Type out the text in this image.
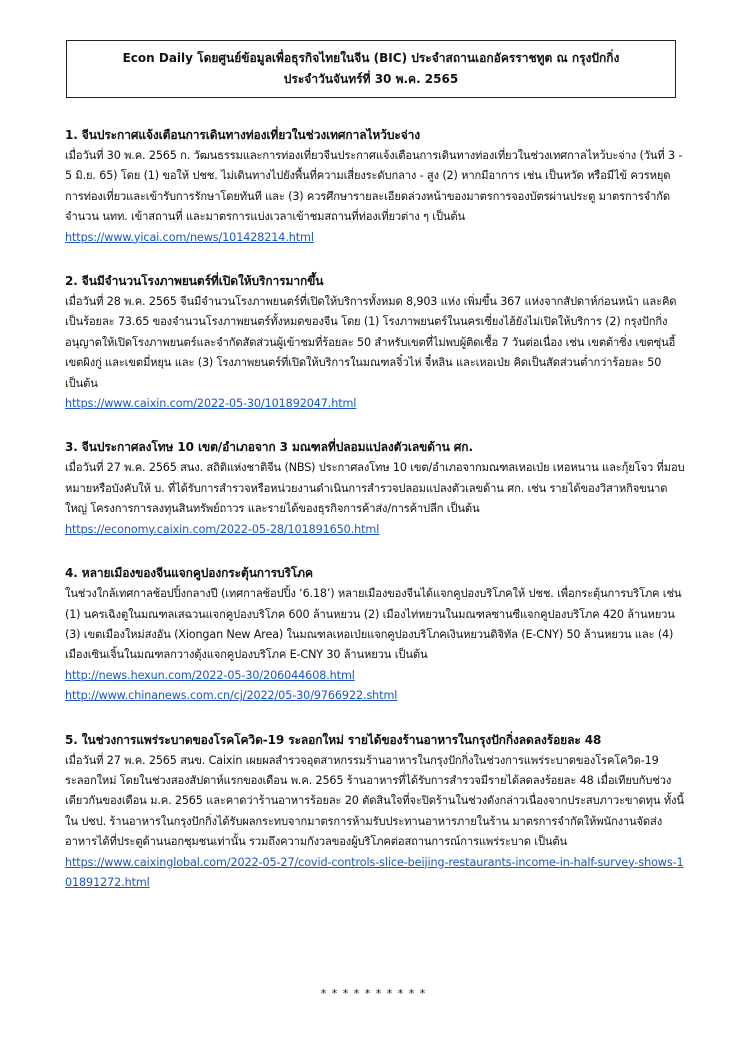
Econ Daily โดยศูนย์ข้อมูลเพื่อธุรกิจไทยในจีน (BIC) ประจำสถานเอกอัครราชทูต ณ กรุงปักกิ่ง
ประจำวันจันทร์ที่ 30 พ.ค. 2565
1. จีนประกาศแจ้งเตือนการเดินทางท่องเที่ยวในช่วงเทศกาลไหว้บะจ่าง
เมื่อวันที่ 30 พ.ค. 2565 ก. วัฒนธรรมและการท่องเที่ยวจีนประกาศแจ้งเตือนการเดินทางท่องเที่ยวในช่วงเทศกาลไหว้บะจ่าง (วันที่ 3 - 5 มิ.ย. 65) โดย (1) ขอให้ ปชช. ไม่เดินทางไปยังพื้นที่ความเสี่ยงระดับกลาง - สูง (2) หากมีอาการ เช่น เป็นหวัด หรือมีไข้ ควรหยุดการท่องเที่ยวและเข้ารับการรักษาโดยทันที และ (3) ควรศึกษารายละเอียดล่วงหน้าของมาตรการจองบัตรผ่านประตู มาตรการจำกัดจำนวน นทท. เข้าสถานที่ และมาตรการแบ่งเวลาเข้าชมสถานที่ท่องเที่ยวต่าง ๆ เป็นต้น
https://www.yicai.com/news/101428214.html
2. จีนมีจำนวนโรงภาพยนตร์ที่เปิดให้บริการมากขึ้น
เมื่อวันที่ 28 พ.ค. 2565 จีนมีจำนวนโรงภาพยนตร์ที่เปิดให้บริการทั้งหมด 8,903 แห่ง เพิ่มขึ้น 367 แห่งจากสัปดาห์ก่อนหน้า และคิดเป็นร้อยละ 73.65 ของจำนวนโรงภาพยนตร์ทั้งหมดของจีน โดย (1) โรงภาพยนตร์ในนครเซี่ยงไฮ้ยังไม่เปิดให้บริการ (2) กรุงปักกิ่งอนุญาตให้เปิดโรงภาพยนตร์และจำกัดสัดส่วนผู้เข้าชมที่ร้อยละ 50 สำหรับเขตที่ไม่พบผู้ติดเชื้อ 7 วันต่อเนื่อง เช่น เขตต้าซิ่ง เขตซุ่นอี้ เขตผิงกู่ และเขตมี่หยุน และ (3) โรงภาพยนตร์ที่เปิดให้บริการในมณฑลจิ๋วไห่ จี๋หลิน และเหอเป่ย คิดเป็นสัดส่วนต่ำกว่าร้อยละ 50 เป็นต้น
https://www.caixin.com/2022-05-30/101892047.html
3. จีนประกาศลงโทษ 10 เขต/อำเภอจาก 3 มณฑลที่ปลอมแปลงตัวเลขด้าน ศก.
เมื่อวันที่ 27 พ.ค. 2565 สนง. สถิติแห่งชาติจีน (NBS) ประกาศลงโทษ 10 เขต/อำเภอจากมณฑลเหอเป่ย เหอหนาน และกุ้ยโจว ที่มอบหมายหรือบังคับให้ บ. ที่ได้รับการสำรวจหรือหน่วยงานดำเนินการสำรวจปลอมแปลงตัวเลขด้าน ศก. เช่น รายได้ของวิสาหกิจขนาดใหญ่ โครงการการลงทุนสินทรัพย์ถาวร และรายได้ของธุรกิจการค้าส่ง/การค้าปลีก เป็นต้น
https://economy.caixin.com/2022-05-28/101891650.html
4. หลายเมืองของจีนแจกคูปองกระตุ้นการบริโภค
ในช่วงใกล้เทศกาลช้อปปิ้งกลางปี (เทศกาลช้อปปิ้ง ‘6.18’) หลายเมืองของจีนได้แจกคูปองบริโภคให้ ปชช. เพื่อกระตุ้นการบริโภค เช่น (1) นครเฉิงตูในมณฑลเสฉวนแจกคูปองบริโภค 600 ล้านหยวน (2) เมืองไท่หยวนในมณฑลซานซีแจกคูปองบริโภค 420 ล้านหยวน (3) เขตเมืองใหม่สงอัน (Xiongan New Area) ในมณฑลเหอเป่ยแจกคูปองบริโภคเงินหยวนดิจิทัล (E-CNY) 50 ล้านหยวน และ (4) เมืองเซินเจิ้นในมณฑลกวางตุ้งแจกคูปองบริโภค E-CNY 30 ล้านหยวน เป็นต้น
http://news.hexun.com/2022-05-30/206044608.html
http://www.chinanews.com.cn/cj/2022/05-30/9766922.shtml
5. ในช่วงการแพร่ระบาดของโรคโควิด-19 ระลอกใหม่ รายได้ของร้านอาหารในกรุงปักกิ่งลดลงร้อยละ 48
เมื่อวันที่ 27 พ.ค. 2565 สนข. Caixin เผยผลสำรวจอุตสาหกรรมร้านอาหารในกรุงปักกิ่งในช่วงการแพร่ระบาดของโรคโควิด-19 ระลอกใหม่ โดยในช่วงสองสัปดาห์แรกของเดือน พ.ค. 2565 ร้านอาหารที่ได้รับการสำรวจมีรายได้ลดลงร้อยละ 48 เมื่อเทียบกับช่วงเดียวกันของเดือน ม.ค. 2565 และคาดว่าร้านอาหารร้อยละ 20 ตัดสินใจที่จะปิดร้านในช่วงดังกล่าวเนื่องจากประสบภาวะขาดทุน ทั้งนี้ ใน ปชป. ร้านอาหารในกรุงปักกิ่งได้รับผลกระทบจากมาตรการห้ามรับประทานอาหารภายในร้าน มาตรการจำกัดให้พนักงานจัดส่งอาหารได้ที่ประตูด้านนอกชุมชนเท่านั้น รวมถึงความกังวลของผู้บริโภคต่อสถานการณ์การแพร่ระบาด เป็นต้น
https://www.caixinglobal.com/2022-05-27/covid-controls-slice-beijing-restaurants-income-in-half-survey-shows-101891272.html
* * * * * * * * * *
